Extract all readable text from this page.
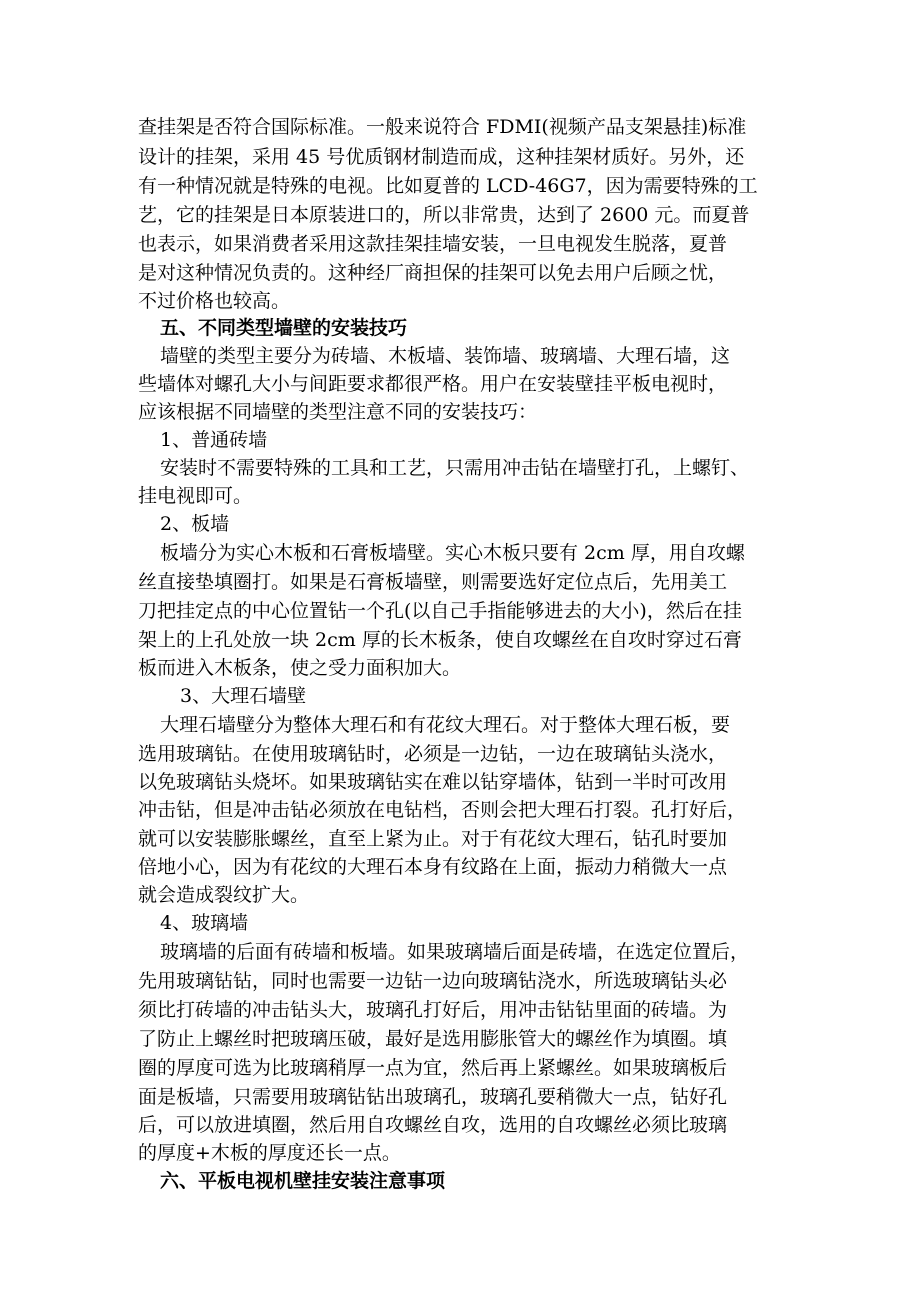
查挂架是否符合国际标准。一般来说符合 FDMI(视频产品支架悬挂)标准
设计的挂架，采用 45 号优质钢材制造而成，这种挂架材质好。另外，还
有一种情况就是特殊的电视。比如夏普的 LCD-46G7，因为需要特殊的工
艺，它的挂架是日本原装进口的，所以非常贵，达到了 2600 元。而夏普
也表示，如果消费者采用这款挂架挂墙安装，一旦电视发生脱落，夏普
是对这种情况负责的。这种经厂商担保的挂架可以免去用户后顾之忧，
不过价格也较高。
五、不同类型墙壁的安装技巧
墙壁的类型主要分为砖墙、木板墙、装饰墙、玻璃墙、大理石墙，这
些墙体对螺孔大小与间距要求都很严格。用户在安装壁挂平板电视时，
应该根据不同墙壁的类型注意不同的安装技巧：
1、普通砖墙
安装时不需要特殊的工具和工艺，只需用冲击钻在墙壁打孔，上螺钉、
挂电视即可。
2、板墙
板墙分为实心木板和石膏板墙壁。实心木板只要有 2cm 厚，用自攻螺
丝直接垫填圈打。如果是石膏板墙壁，则需要选好定位点后，先用美工
刀把挂定点的中心位置钻一个孔(以自己手指能够进去的大小)，然后在挂
架上的上孔处放一块 2cm 厚的长木板条，使自攻螺丝在自攻时穿过石膏
板而进入木板条，使之受力面积加大。
3、大理石墙壁
大理石墙壁分为整体大理石和有花纹大理石。对于整体大理石板，要
选用玻璃钻。在使用玻璃钻时，必须是一边钻，一边在玻璃钻头浇水，
以免玻璃钻头烧坏。如果玻璃钻实在难以钻穿墙体，钻到一半时可改用
冲击钻，但是冲击钻必须放在电钻档，否则会把大理石打裂。孔打好后，
就可以安装膨胀螺丝，直至上紧为止。对于有花纹大理石，钻孔时要加
倍地小心，因为有花纹的大理石本身有纹路在上面，振动力稍微大一点
就会造成裂纹扩大。
4、玻璃墙
玻璃墙的后面有砖墙和板墙。如果玻璃墙后面是砖墙，在选定位置后，
先用玻璃钻钻，同时也需要一边钻一边向玻璃钻浇水，所选玻璃钻头必
须比打砖墙的冲击钻头大，玻璃孔打好后，用冲击钻钻里面的砖墙。为
了防止上螺丝时把玻璃压破，最好是选用膨胀管大的螺丝作为填圈。填
圈的厚度可选为比玻璃稍厚一点为宜，然后再上紧螺丝。如果玻璃板后
面是板墙，只需要用玻璃钻钻出玻璃孔，玻璃孔要稍微大一点，钻好孔
后，可以放进填圈，然后用自攻螺丝自攻，选用的自攻螺丝必须比玻璃
的厚度+木板的厚度还长一点。
六、平板电视机壁挂安装注意事项
